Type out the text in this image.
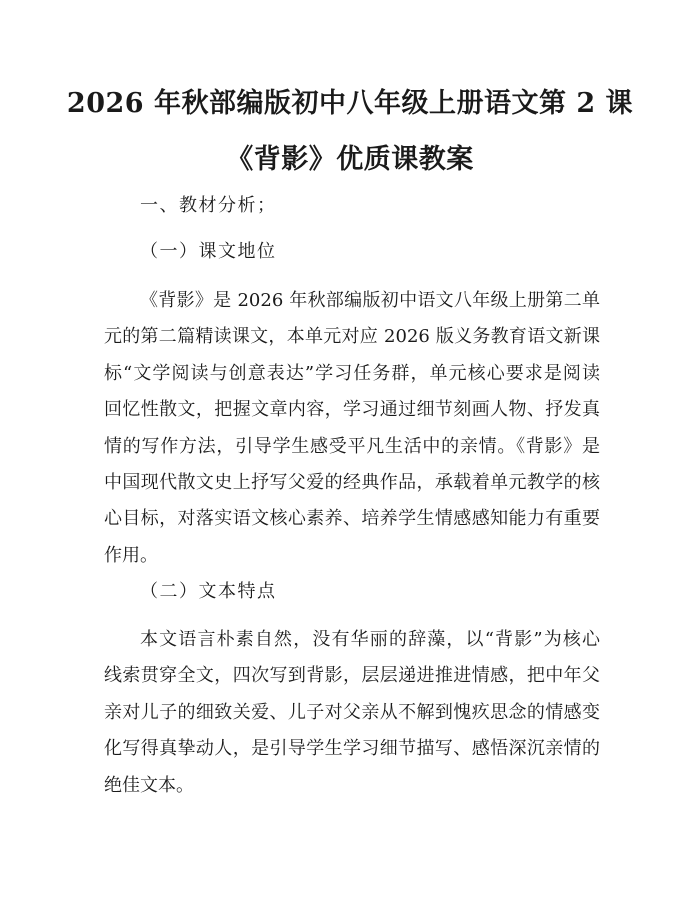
2026 年秋部编版初中八年级上册语文第 2 课
《背影》优质课教案
一、教材分析；
（一）课文地位
《背影》是 2026 年秋部编版初中语文八年级上册第二单
元的第二篇精读课文，本单元对应 2026 版义务教育语文新课
标“文学阅读与创意表达”学习任务群，单元核心要求是阅读
回忆性散文，把握文章内容，学习通过细节刻画人物、抒发真
情的写作方法，引导学生感受平凡生活中的亲情。《背影》是
中国现代散文史上抒写父爱的经典作品，承载着单元教学的核
心目标，对落实语文核心素养、培养学生情感感知能力有重要
作用。
（二）文本特点
本文语言朴素自然，没有华丽的辞藻，以“背影”为核心
线索贯穿全文，四次写到背影，层层递进推进情感，把中年父
亲对儿子的细致关爱、儿子对父亲从不解到愧疚思念的情感变
化写得真挚动人，是引导学生学习细节描写、感悟深沉亲情的
绝佳文本。
